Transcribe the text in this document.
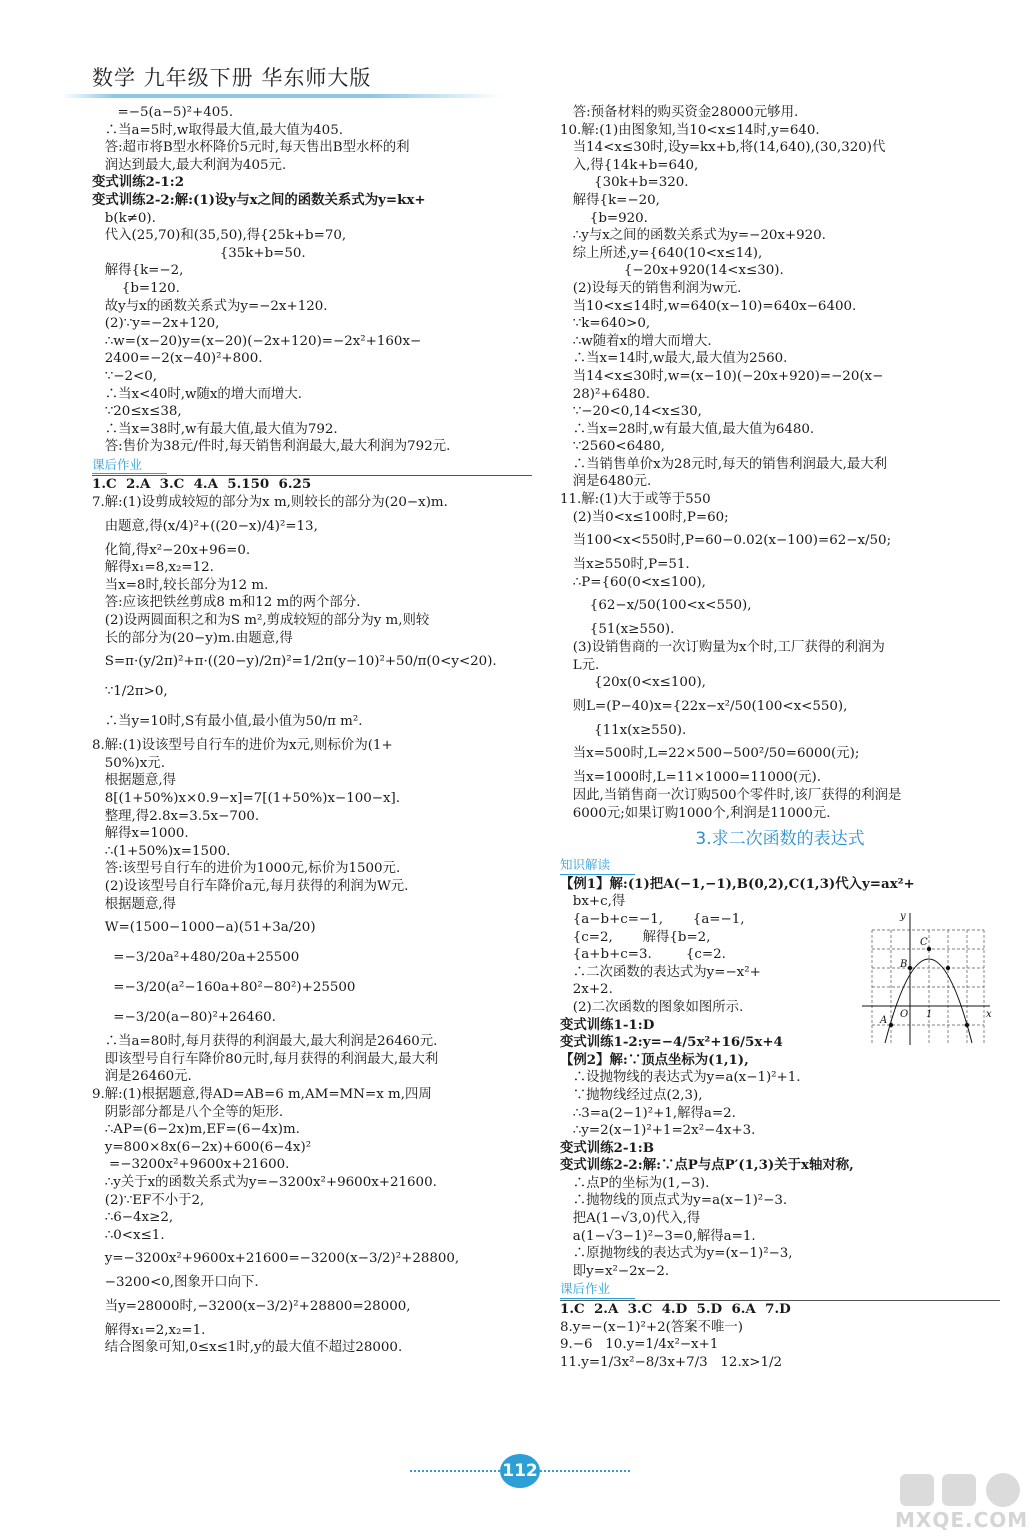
数学 九年级下册 华东师大版
=−5(a−5)²+405.
∴当a=5时,w取得最大值,最大值为405.
答:超市将B型水杯降价5元时,每天售出B型水杯的利
润达到最大,最大利润为405元.
变式训练2-1:2
变式训练2-2:解:(1)设y与x之间的函数关系式为y=kx+
b(k≠0).
代入(25,70)和(35,50),得{25k+b=70,
{35k+b=50.
解得{k=−2,
{b=120.
故y与x的函数关系式为y=−2x+120.
(2)∵y=−2x+120,
∴w=(x−20)y=(x−20)(−2x+120)=−2x²+160x−
2400=−2(x−40)²+800.
∵−2<0,
∴当x<40时,w随x的增大而增大.
∵20≤x≤38,
∴当x=38时,w有最大值,最大值为792.
答:售价为38元/件时,每天销售利润最大,最大利润为792元.
课后作业
1.C  2.A  3.C  4.A  5.150  6.25
7.解:(1)设剪成较短的部分为x m,则较长的部分为(20−x)m.
由题意,得(x/4)²+((20−x)/4)²=13,
化简,得x²−20x+96=0.
解得x₁=8,x₂=12.
当x=8时,较长部分为12 m.
答:应该把铁丝剪成8 m和12 m的两个部分.
(2)设两圆面积之和为S m²,剪成较短的部分为y m,则较
长的部分为(20−y)m.由题意,得
S=π·(y/2π)²+π·((20−y)/2π)²=1/2π(y−10)²+50/π(0<y<20).
∵1/2π>0,
∴当y=10时,S有最小值,最小值为50/π m².
8.解:(1)设该型号自行车的进价为x元,则标价为(1+
50%)x元.
根据题意,得
8[(1+50%)x×0.9−x]=7[(1+50%)x−100−x].
整理,得2.8x=3.5x−700.
解得x=1000.
∴(1+50%)x=1500.
答:该型号自行车的进价为1000元,标价为1500元.
(2)设该型号自行车降价a元,每月获得的利润为W元.
根据题意,得
W=(1500−1000−a)(51+3a/20)
=−3/20a²+480/20a+25500
=−3/20(a²−160a+80²−80²)+25500
=−3/20(a−80)²+26460.
∴当a=80时,每月获得的利润最大,最大利润是26460元.
即该型号自行车降价80元时,每月获得的利润最大,最大利
润是26460元.
9.解:(1)根据题意,得AD=AB=6 m,AM=MN=x m,四周
阴影部分都是八个全等的矩形.
∴AP=(6−2x)m,EF=(6−4x)m.
y=800×8x(6−2x)+600(6−4x)²
=−3200x²+9600x+21600.
∴y关于x的函数关系式为y=−3200x²+9600x+21600.
(2)∵EF不小于2,
∴6−4x≥2,
∴0<x≤1.
y=−3200x²+9600x+21600=−3200(x−3/2)²+28800,
−3200<0,图象开口向下.
当y=28000时,−3200(x−3/2)²+28800=28000,
解得x₁=2,x₂=1.
结合图象可知,0≤x≤1时,y的最大值不超过28000.
答:预备材料的购买资金28000元够用.
10.解:(1)由图象知,当10<x≤14时,y=640.
当14<x≤30时,设y=kx+b,将(14,640),(30,320)代
入,得{14k+b=640,
{30k+b=320.
解得{k=−20,
{b=920.
∴y与x之间的函数关系式为y=−20x+920.
综上所述,y={640(10<x≤14),
{−20x+920(14<x≤30).
(2)设每天的销售利润为w元.
当10<x≤14时,w=640(x−10)=640x−6400.
∵k=640>0,
∴w随着x的增大而增大.
∴当x=14时,w最大,最大值为2560.
当14<x≤30时,w=(x−10)(−20x+920)=−20(x−
28)²+6480.
∵−20<0,14<x≤30,
∴当x=28时,w有最大值,最大值为6480.
∵2560<6480,
∴当销售单价x为28元时,每天的销售利润最大,最大利
润是6480元.
11.解:(1)大于或等于550
(2)当0<x≤100时,P=60;
当100<x<550时,P=60−0.02(x−100)=62−x/50;
当x≥550时,P=51.
∴P={60(0<x≤100),
{62−x/50(100<x<550),
{51(x≥550).
(3)设销售商的一次订购量为x个时,工厂获得的利润为
L元.
{20x(0<x≤100),
则L=(P−40)x={22x−x²/50(100<x<550),
{11x(x≥550).
当x=500时,L=22×500−500²/50=6000(元);
当x=1000时,L=11×1000=11000(元).
因此,当销售商一次订购500个零件时,该厂获得的利润是
6000元;如果订购1000个,利润是11000元.
3.求二次函数的表达式
知识解读
【例1】解:(1)把A(−1,−1),B(0,2),C(1,3)代入y=ax²+
bx+c,得
{a−b+c=−1,       {a=−1,
{c=2,       解得{b=2,
{a+b+c=3.        {c=2.
∴二次函数的表达式为y=−x²+
2x+2.
(2)二次函数的图象如图所示.
变式训练1-1:D
变式训练1-2:y=−4/5x²+16/5x+4
【例2】解:∵顶点坐标为(1,1),
∴设抛物线的表达式为y=a(x−1)²+1.
∵抛物线经过点(2,3),
∴3=a(2−1)²+1,解得a=2.
∴y=2(x−1)²+1=2x²−4x+3.
变式训练2-1:B
变式训练2-2:解:∵点P与点P′(1,3)关于x轴对称,
∴点P的坐标为(1,−3).
∴抛物线的顶点式为y=a(x−1)²−3.
把A(1−√3,0)代入,得
a(1−√3−1)²−3=0,解得a=1.
∴原抛物线的表达式为y=(x−1)²−3,
即y=x²−2x−2.
课后作业
1.C  2.A  3.C  4.D  5.D  6.A  7.D
8.y=−(x−1)²+2(答案不唯一)
9.−6   10.y=1/4x²−x+1
11.y=1/3x²−8/3x+7/3   12.x>1/2
y
x
O
A
B
C
1
112
MXQE.COM
